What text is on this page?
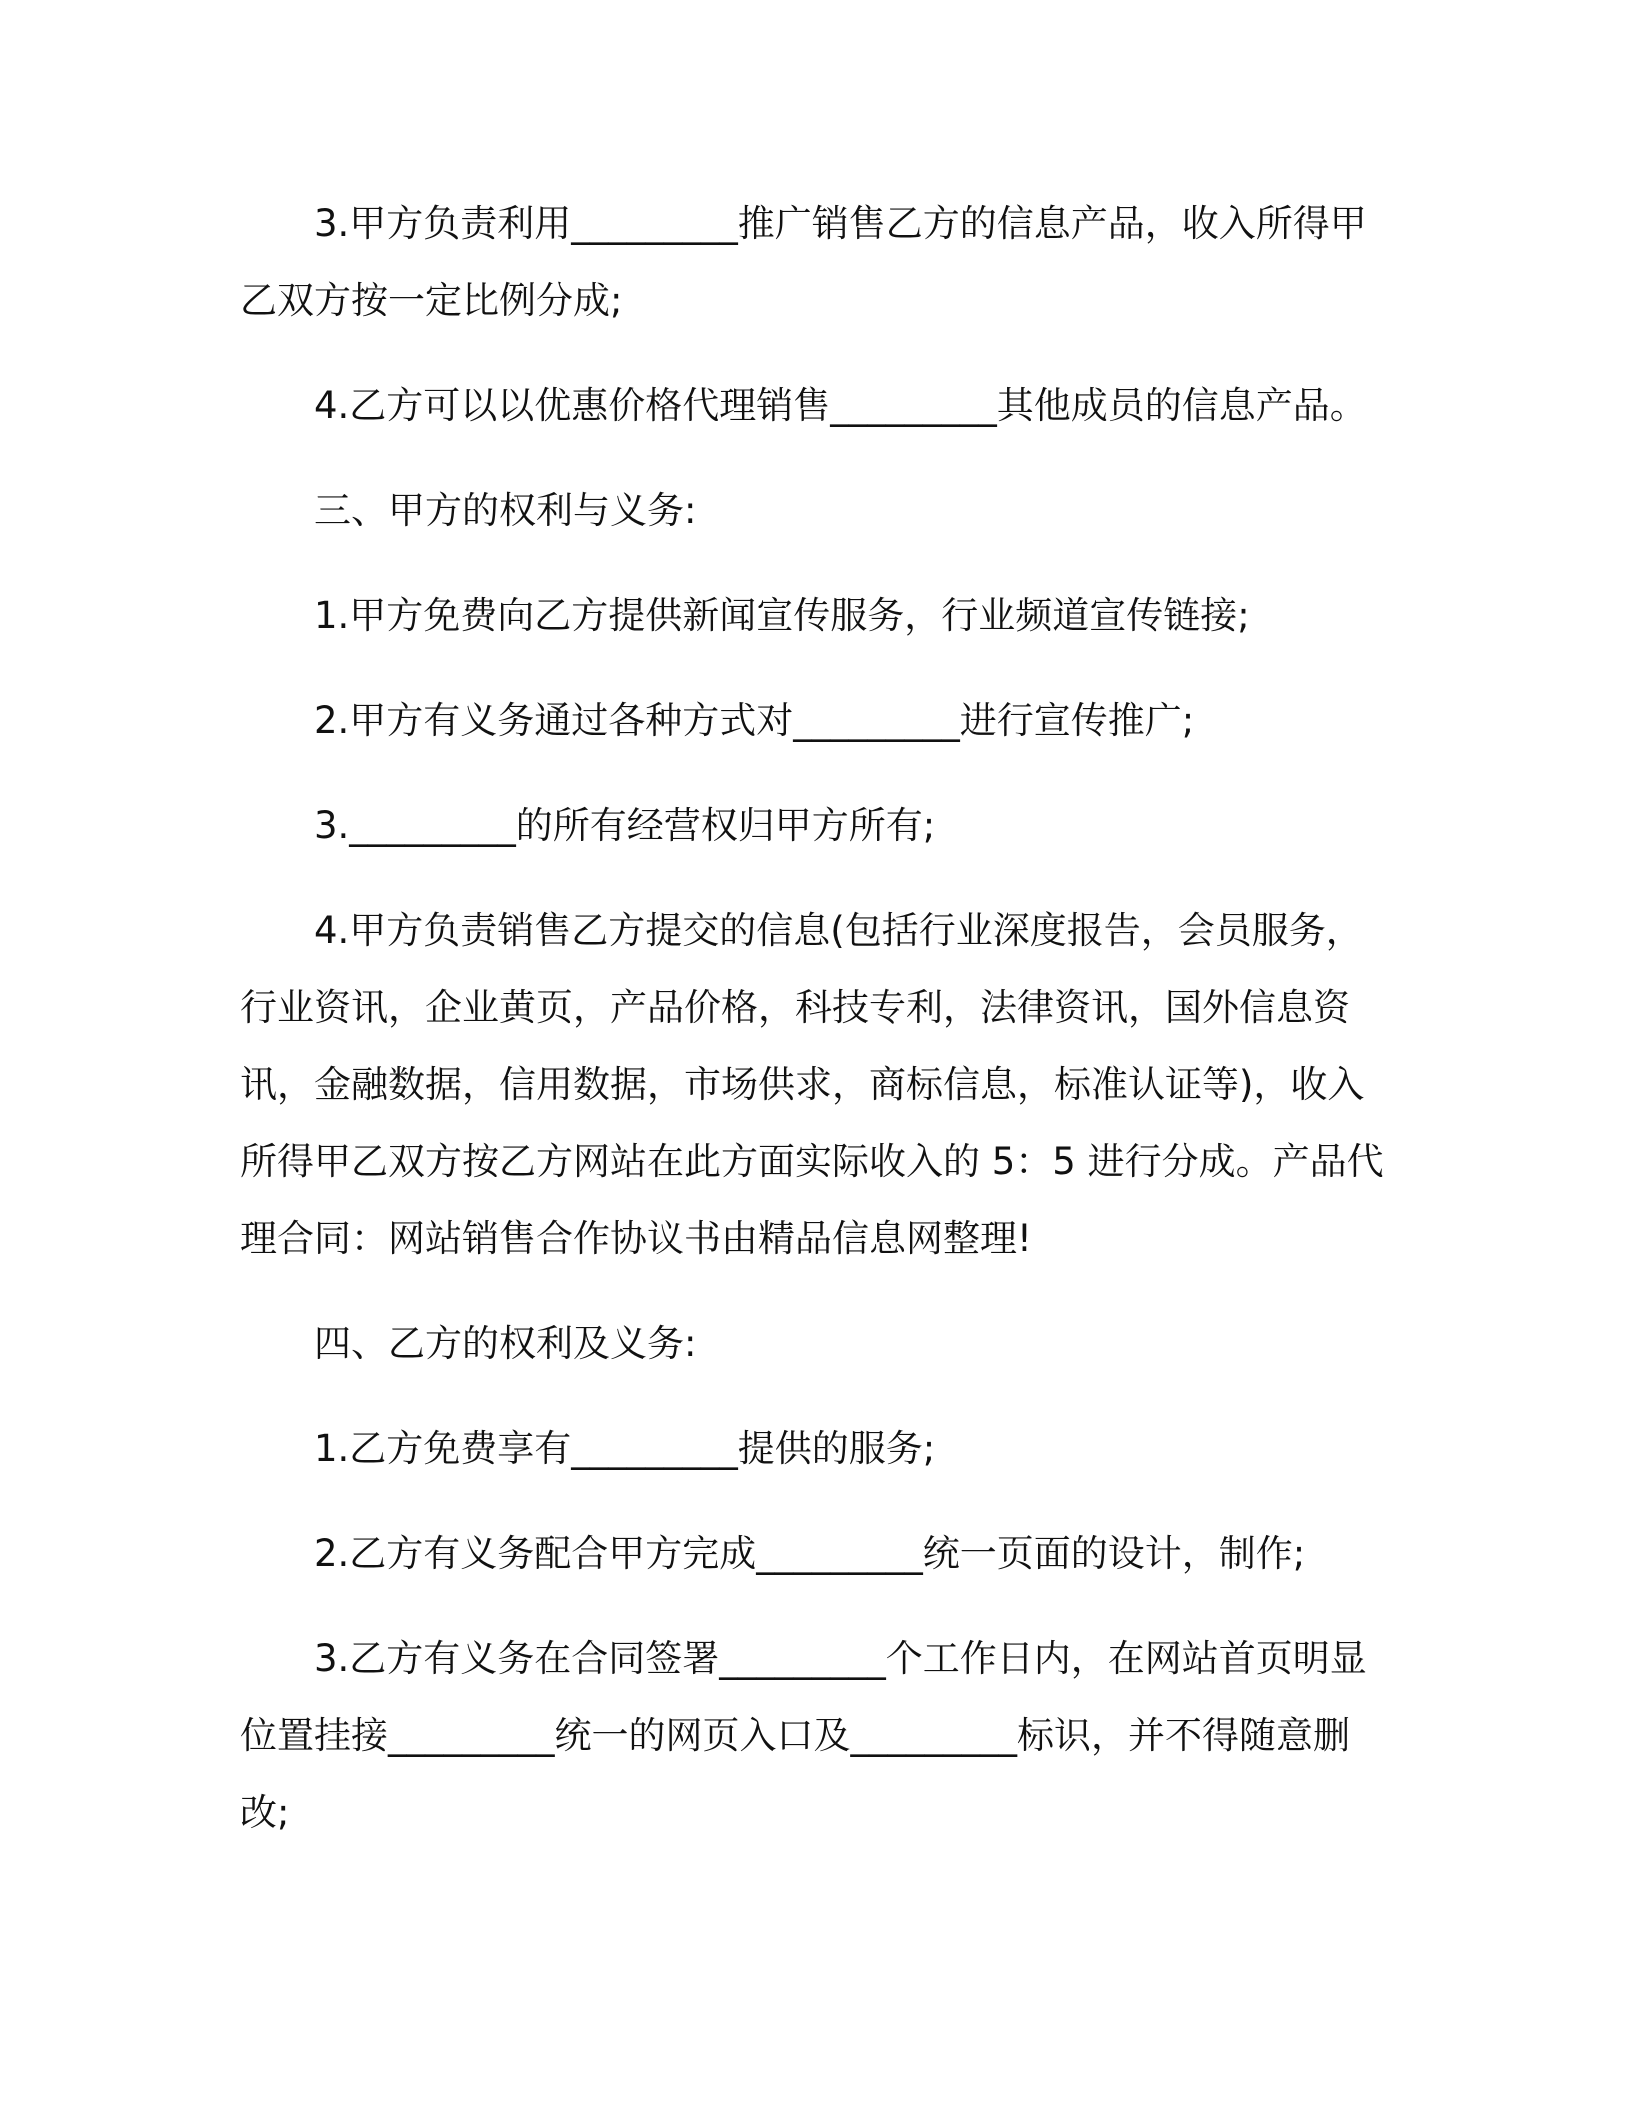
3.甲方负责利用_________推广销售乙方的信息产品，收入所得甲乙双方按一定比例分成;

4.乙方可以以优惠价格代理销售_________其他成员的信息产品。

三、甲方的权利与义务:

1.甲方免费向乙方提供新闻宣传服务，行业频道宣传链接;

2.甲方有义务通过各种方式对_________进行宣传推广;

3._________的所有经营权归甲方所有;

4.甲方负责销售乙方提交的信息(包括行业深度报告，会员服务，行业资讯，企业黄页，产品价格，科技专利，法律资讯，国外信息资讯，金融数据，信用数据，市场供求，商标信息，标准认证等)，收入所得甲乙双方按乙方网站在此方面实际收入的 5：5 进行分成。产品代理合同：网站销售合作协议书由精品信息网整理!

四、乙方的权利及义务:

1.乙方免费享有_________提供的服务;

2.乙方有义务配合甲方完成_________统一页面的设计，制作;

3.乙方有义务在合同签署_________个工作日内，在网站首页明显位置挂接_________统一的网页入口及_________标识，并不得随意删改;
